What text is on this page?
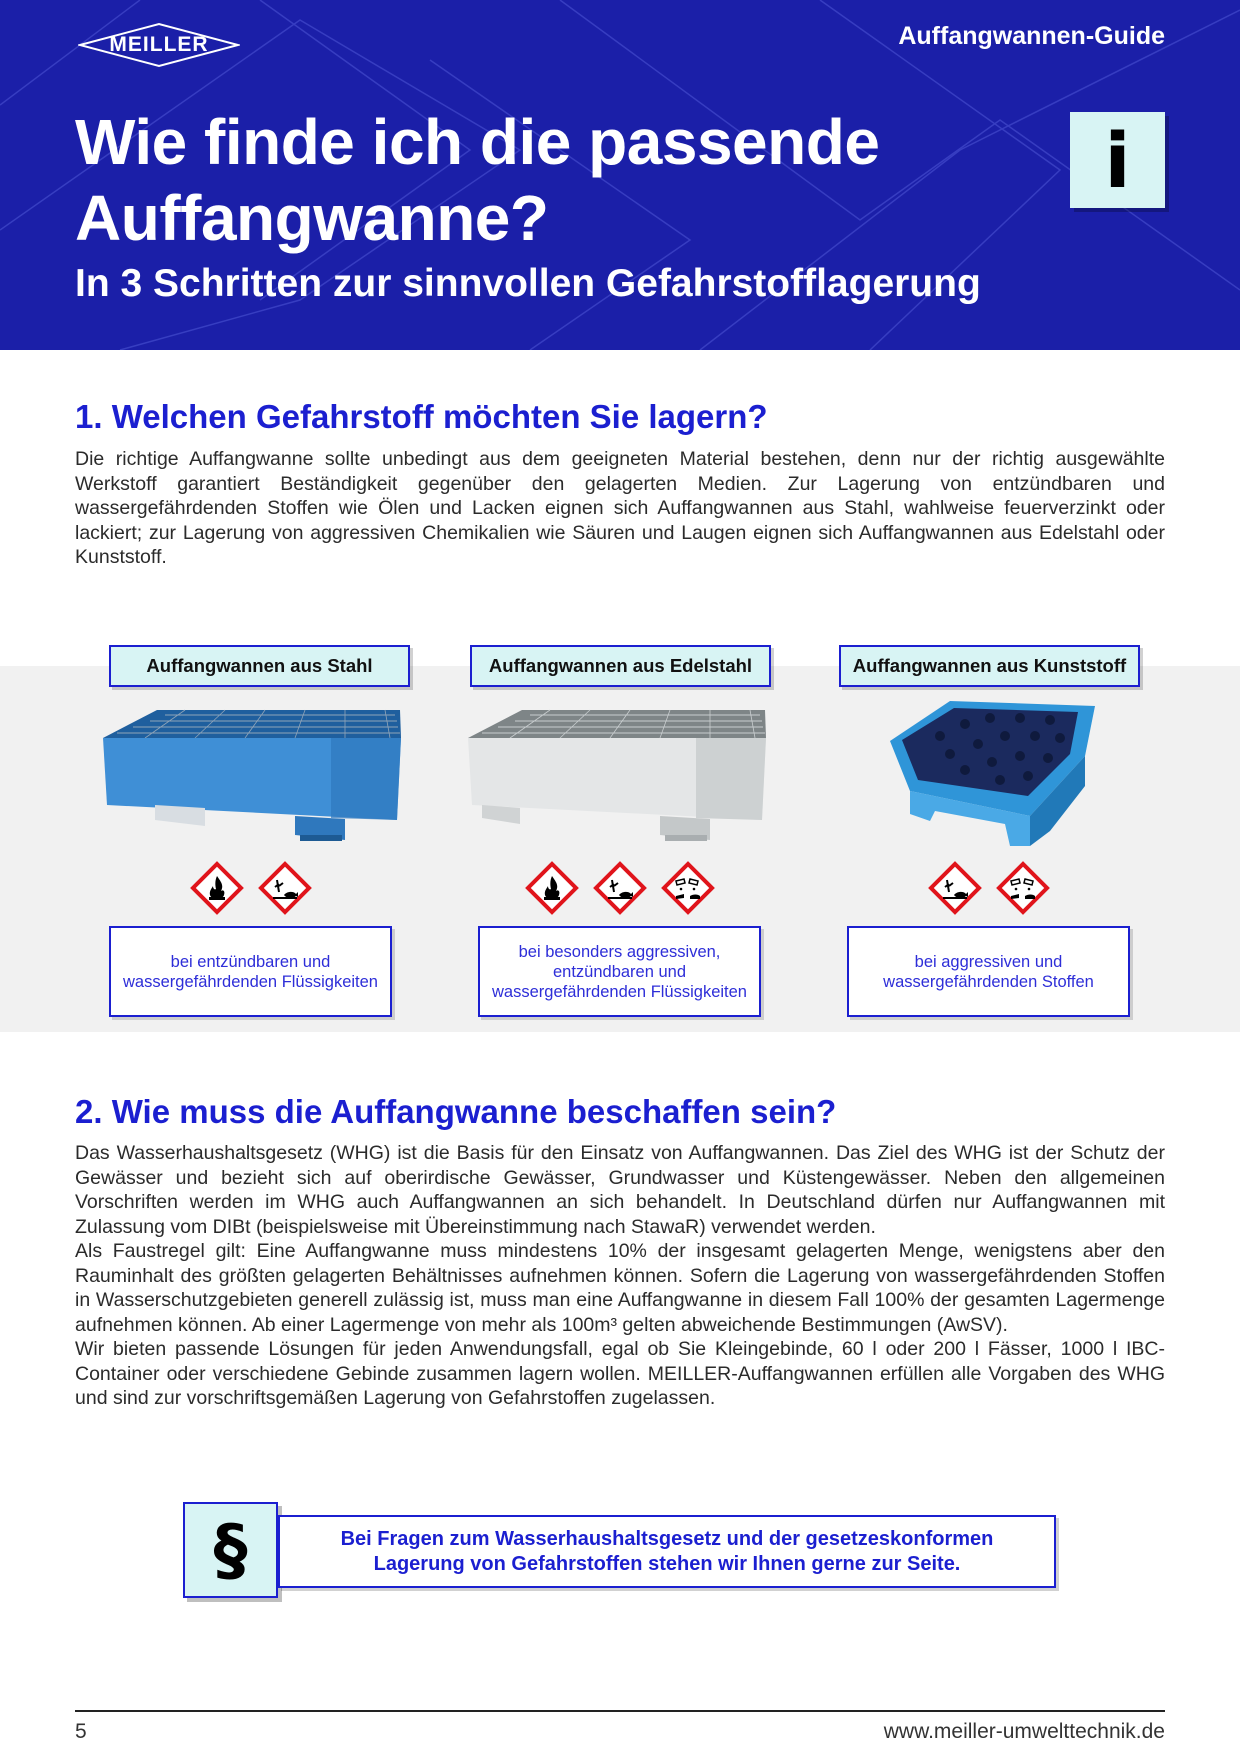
MEILLER	Auffangwannen-Guide
Wie finde ich die passende
Auffangwanne?
In 3 Schritten zur sinnvollen Gefahrstofflagerung
i
1. Welchen Gefahrstoff möchten Sie lagern?

Die richtige Auffangwanne sollte unbedingt aus dem geeigneten Material bestehen, denn nur der richtig ausgewählte Werkstoff garantiert Beständigkeit gegenüber den gelagerten Medien. Zur Lagerung von entzündbaren und wassergefährdenden Stoffen wie Ölen und Lacken eignen sich Auffangwannen aus Stahl, wahlweise feuerverzinkt oder lackiert; zur Lagerung von aggressiven Chemikalien wie Säuren und Laugen eignen sich Auffangwannen aus Edelstahl oder Kunststoff.

Auffangwannen aus Stahl	Auffangwannen aus Edelstahl	Auffangwannen aus Kunststoff
bei entzündbaren und wassergefährdenden Flüssigkeiten
bei besonders aggressiven, entzündbaren und wassergefährdenden Flüssigkeiten
bei aggressiven und wassergefährdenden Stoffen
2. Wie muss die Auffangwanne beschaffen sein?

Das Wasserhaushaltsgesetz (WHG) ist die Basis für den Einsatz von Auffangwannen. Das Ziel des WHG ist der Schutz der Gewässer und bezieht sich auf oberirdische Gewässer, Grundwasser und Küstengewässer. Neben den allgemeinen Vorschriften werden im WHG auch Auffangwannen an sich behandelt. In Deutschland dürfen nur Auffangwannen mit Zulassung vom DIBt (beispielsweise mit Übereinstimmung nach StawaR) verwendet werden.

Als Faustregel gilt: Eine Auffangwanne muss mindestens 10% der insgesamt gelagerten Menge, wenigstens aber den Rauminhalt des größten gelagerten Behältnisses aufnehmen können. Sofern die Lagerung von wassergefährdenden Stoffen in Wasserschutzgebieten generell zulässig ist, muss man eine Auffangwanne in diesem Fall 100% der gesamten Lagermenge aufnehmen können. Ab einer Lagermenge von mehr als 100m³ gelten abweichende Bestimmungen (AwSV).

Wir bieten passende Lösungen für jeden Anwendungsfall, egal ob Sie Kleingebinde, 60 l oder 200 l Fässer, 1000 l IBC-Container oder verschiedene Gebinde zusammen lagern wollen. MEILLER-Auffangwannen erfüllen alle Vorgaben des WHG und sind zur vorschriftsgemäßen Lagerung von Gefahrstoffen zugelassen.

§	Bei Fragen zum Wasserhaushaltsgesetz und der gesetzeskonformen
Lagerung von Gefahrstoffen stehen wir Ihnen gerne zur Seite.
5	www.meiller-umwelttechnik.de
